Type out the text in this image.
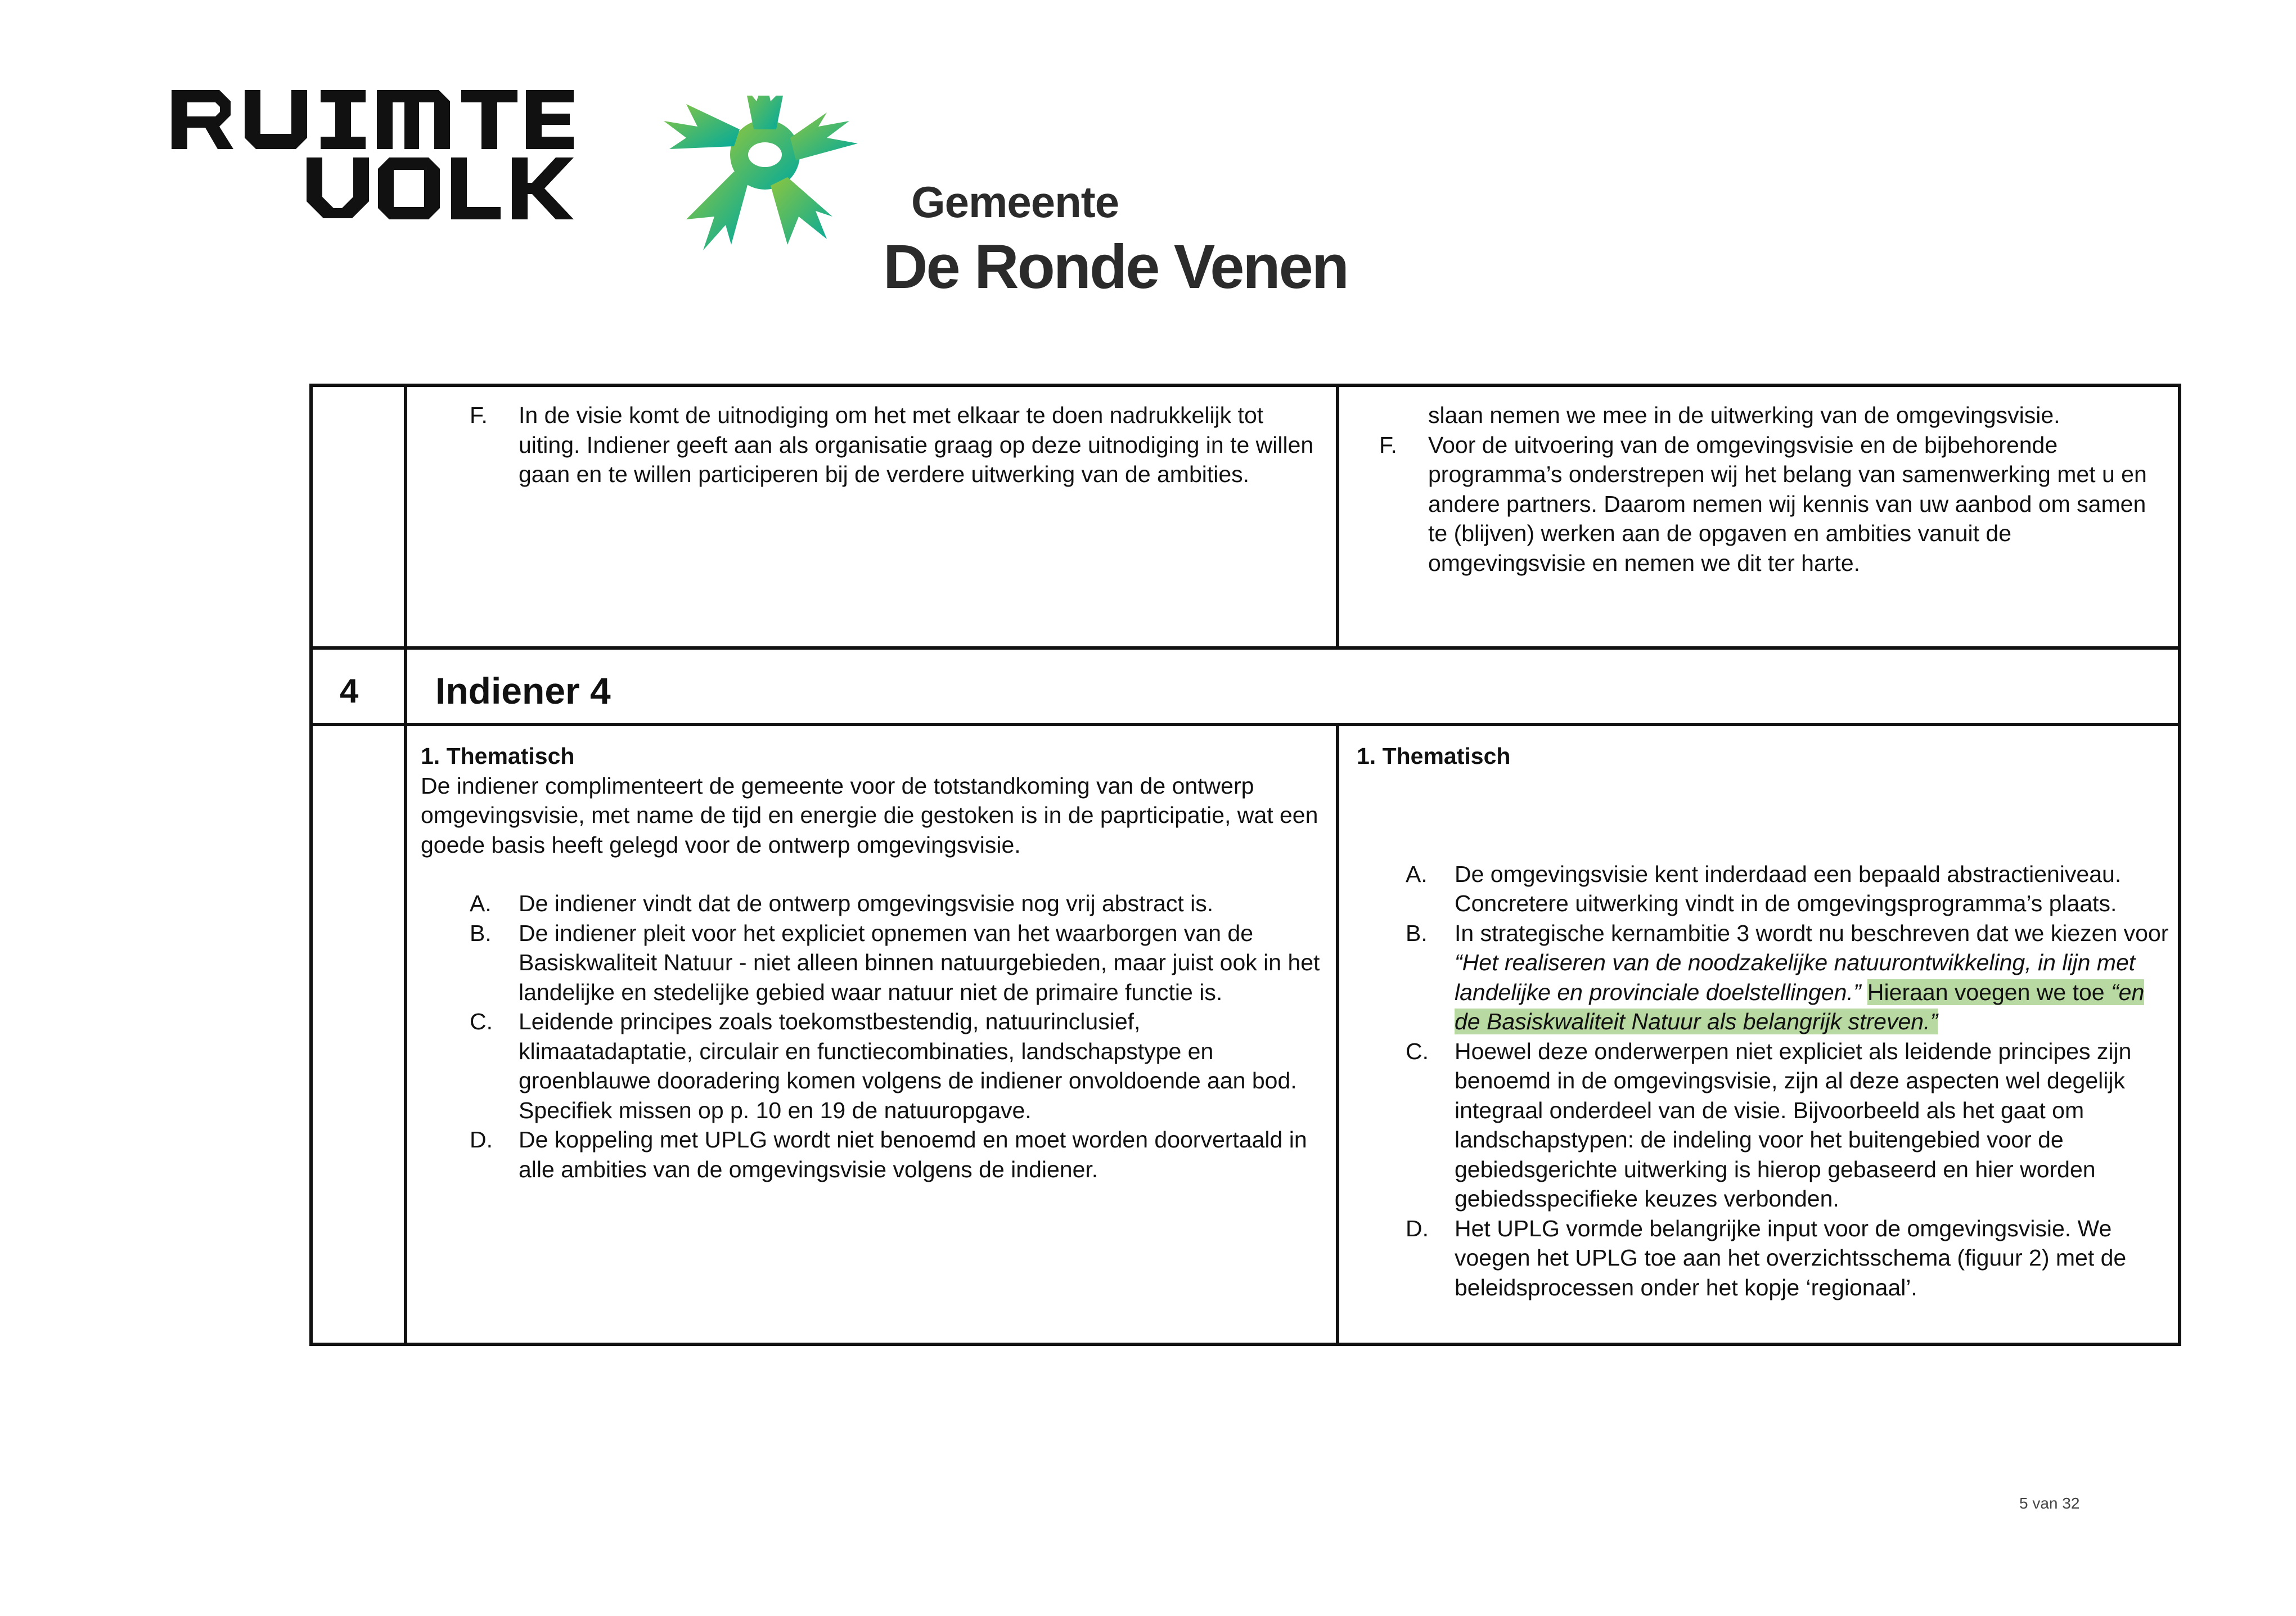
Gemeente
De Ronde Venen
F. In de visie komt de uitnodiging om het met elkaar te doen nadrukkelijk tot uiting. Indiener geeft aan als organisatie graag op deze uitnodiging in te willen gaan en te willen participeren bij de verdere uitwerking van de ambities.

slaan nemen we mee in de uitwerking van de omgevingsvisie.

F. Voor de uitvoering van de omgevingsvisie en de bijbehorende programma’s onderstrepen wij het belang van samenwerking met u en andere partners. Daarom nemen wij kennis van uw aanbod om samen te (blijven) werken aan de opgaven en ambities vanuit de omgevingsvisie en nemen we dit ter harte.
4 Indiener 4

1. Thematisch

De indiener complimenteert de gemeente voor de totstandkoming van de ontwerp omgevingsvisie, met name de tijd en energie die gestoken is in de paprticipatie, wat een goede basis heeft gelegd voor de ontwerp omgevingsvisie.

A. De indiener vindt dat de ontwerp omgevingsvisie nog vrij abstract is.
B. De indiener pleit voor het expliciet opnemen van het waarborgen van de Basiskwaliteit Natuur - niet alleen binnen natuurgebieden, maar juist ook in het landelijke en stedelijke gebied waar natuur niet de primaire functie is.
C. Leidende principes zoals toekomstbestendig, natuurinclusief, klimaatadaptatie, circulair en functiecombinaties, landschapstype en groenblauwe dooradering komen volgens de indiener onvoldoende aan bod. Specifiek missen op p. 10 en 19 de natuuropgave.
D. De koppeling met UPLG wordt niet benoemd en moet worden doorvertaald in alle ambities van de omgevingsvisie volgens de indiener.

1. Thematisch

A. De omgevingsvisie kent inderdaad een bepaald abstractieniveau. Concretere uitwerking vindt in de omgevingsprogramma’s plaats.
B. In strategische kernambitie 3 wordt nu beschreven dat we kiezen voor “Het realiseren van de noodzakelijke natuurontwikkeling, in lijn met landelijke en provinciale doelstellingen.” Hieraan voegen we toe “en de Basiskwaliteit Natuur als belangrijk streven.”
C. Hoewel deze onderwerpen niet expliciet als leidende principes zijn benoemd in de omgevingsvisie, zijn al deze aspecten wel degelijk integraal onderdeel van de visie. Bijvoorbeeld als het gaat om landschapstypen: de indeling voor het buitengebied voor de gebiedsgerichte uitwerking is hierop gebaseerd en hier worden gebiedsspecifieke keuzes verbonden.
D. Het UPLG vormde belangrijke input voor de omgevingsvisie. We voegen het UPLG toe aan het overzichtsschema (figuur 2) met de beleidsprocessen onder het kopje ‘regionaal’.
5 van 32
